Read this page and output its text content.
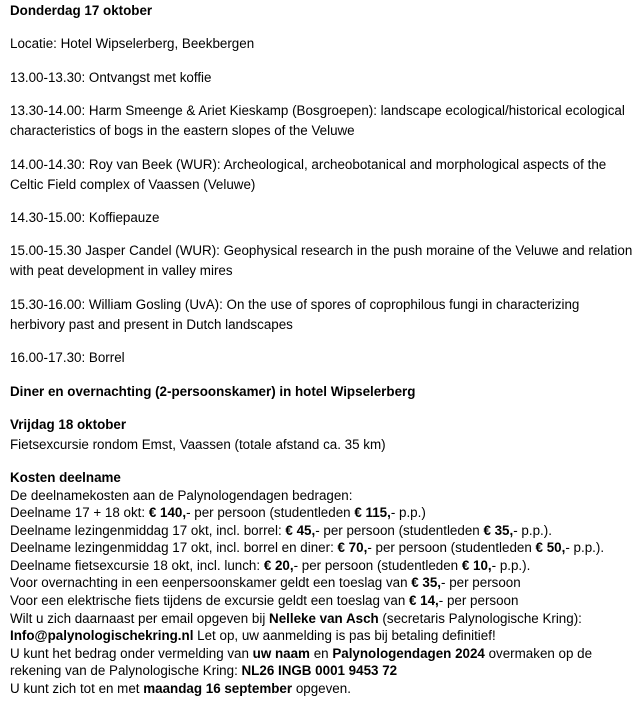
Donderdag 17 oktober

Locatie: Hotel Wipselerberg, Beekbergen

13.00-13.30: Ontvangst met koffie

13.30-14.00: Harm Smeenge & Ariet Kieskamp (Bosgroepen): landscape ecological/historical ecological

characteristics of bogs in the eastern slopes of the Veluwe

14.00-14.30: Roy van Beek (WUR): Archeological, archeobotanical and morphological aspects of the

Celtic Field complex of Vaassen (Veluwe)

14.30-15.00: Koffiepauze

15.00-15.30 Jasper Candel (WUR): Geophysical research in the push moraine of the Veluwe and relation

with peat development in valley mires

15.30-16.00: William Gosling (UvA): On the use of spores of coprophilous fungi in characterizing

herbivory past and present in Dutch landscapes

16.00-17.30: Borrel

Diner en overnachting (2-persoonskamer) in hotel Wipselerberg

Vrijdag 18 oktober

Fietsexcursie rondom Emst, Vaassen (totale afstand ca. 35 km)

Kosten deelname

De deelnamekosten aan de Palynologendagen bedragen:

Deelname 17 + 18 okt: € 140,- per persoon (studentleden € 115,- p.p.)

Deelname lezingenmiddag 17 okt, incl. borrel: € 45,- per persoon (studentleden € 35,- p.p.).

Deelname lezingenmiddag 17 okt, incl. borrel en diner: € 70,- per persoon (studentleden € 50,- p.p.).

Deelname fietsexcursie 18 okt, incl. lunch: € 20,- per persoon (studentleden € 10,- p.p.).

Voor overnachting in een eenpersoonskamer geldt een toeslag van € 35,- per persoon

Voor een elektrische fiets tijdens de excursie geldt een toeslag van € 14,- per persoon

Wilt u zich daarnaast per email opgeven bij Nelleke van Asch (secretaris Palynologische Kring):

Info@palynologischekring.nl Let op, uw aanmelding is pas bij betaling definitief!

U kunt het bedrag onder vermelding van uw naam en Palynologendagen 2024 overmaken op de

rekening van de Palynologische Kring: NL26 INGB 0001 9453 72

U kunt zich tot en met maandag 16 september opgeven.
